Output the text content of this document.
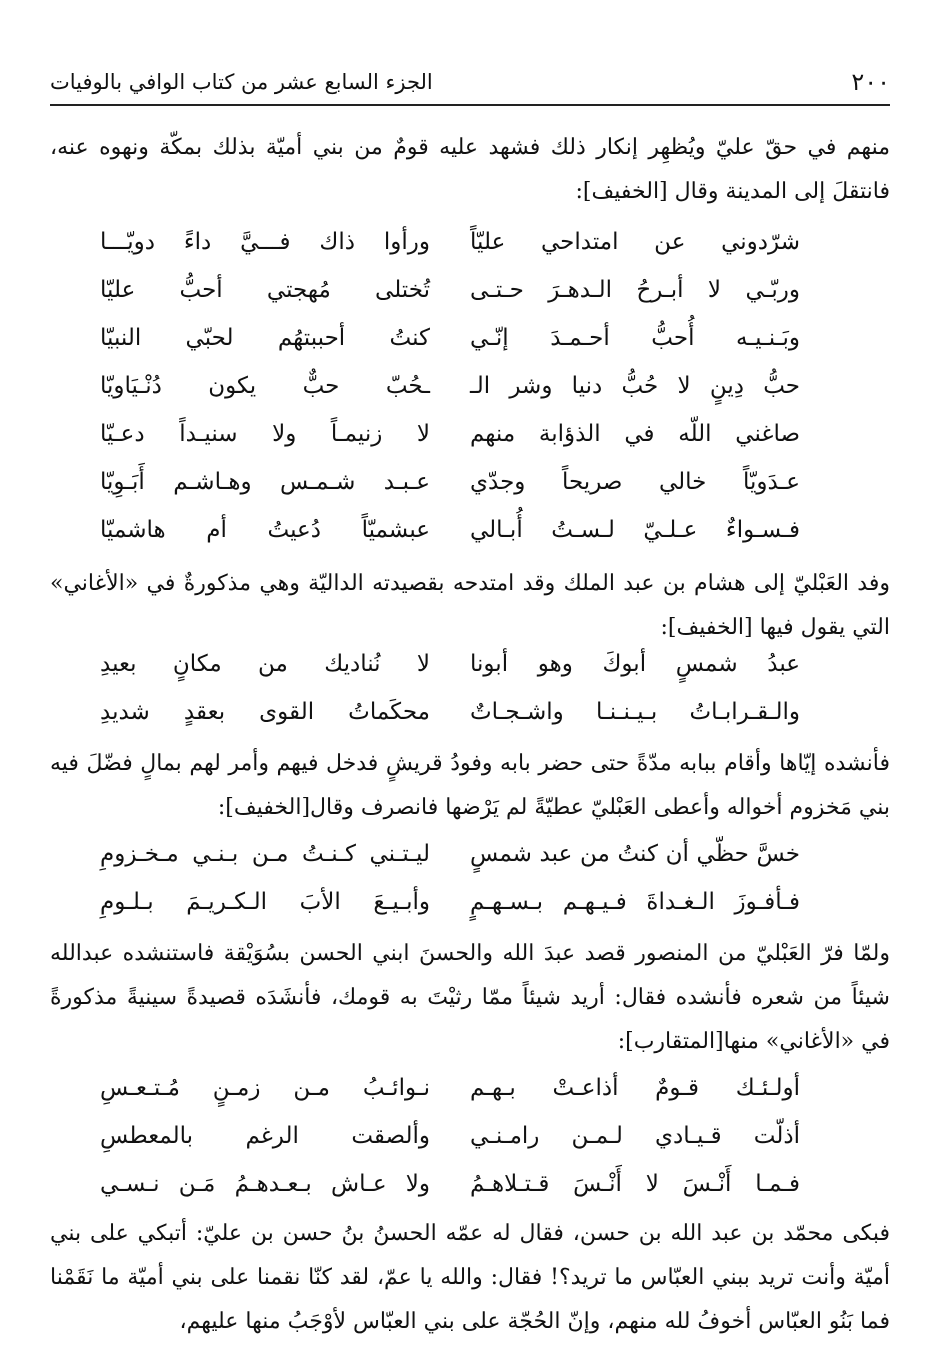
٢٠٠
الجزء السابع عشر من كتاب الوافي بالوفيات
منهم في حقّ عليّ ويُظهِر إنكار ذلك فشهد عليه قومٌ من بني أميّة بذلك بمكّة ونهوه عنه، فانتقلَ إلى المدينة وقال [الخفيف]:
شرّدوني عن امتداحي عليّاً
ورأوا ذاك فـــيَّ داءً دويّـــا
وربّـي لا أبـرحُ الـدهـرَ حـتـى
تُختلى مُهجتي أحبُّ عليّا
وبَـنـيـه أُحبُّ أحـمـدَ إنّـي
كنتُ أحببتهُم لحبّي النبيّا
حبُّ دِينٍ لا حُبُّ دنيا وشر الـ
ـحُبّ حبٌّ يكون دُنْـيَاويّا
صاغني اللّه في الذؤابة منهم
لا زنيمـاً ولا سنيـداً دعـيّا
عـدَويّاً خالي صريحاً وجدّي
عـبـد شـمـس وهـاشـم أَبَـوِيّا
فـسـواءٌ عـلـيّ لـسـتُ أُبـالي
عبشميّاً دُعيتُ أم هاشميّا
وفد العَبْليّ إلى هشام بن عبد الملك وقد امتدحه بقصيدته الداليّة وهي مذكورةٌ في «الأغاني» التي يقول فيها [الخفيف]:
عبدُ شمسٍ أبوكَ وهو أبونا
لا نُناديك من مكانٍ بعيدِ
والـقـرابـاتُ بـيـنـنـا واشـجـاتٌ
محكَماتُ القوى بعقدٍ شديدِ
فأنشده إيّاها وأقام ببابه مدّةً حتى حضر بابه وفودُ قريشٍ فدخل فيهم وأمر لهم بمالٍ فضّلَ فيه بني مَخزوم أخواله وأعطى العَبْليّ عطيّةً لم يَرْضها فانصرف وقال[الخفيف]:
خسَّ حظّي أن كنتُ من عبد شمسٍ
ليـتـني كـنـتُ مـن بـنـي مـخـزومِ
فـأفـوزَ الـغـداةَ فـيـهـم بـسـهـمٍ
وأبـيـعَ الأبَ الـكـريـمَ بـلـومِ
ولمّا فرّ العَبْليّ من المنصور قصد عبدَ الله والحسنَ ابني الحسن بسُوَيْقة فاستنشده عبدالله شيئاً من شعره فأنشده فقال: أريد شيئاً ممّا رثيْتَ به قومك، فأنشَدَه قصيدةً سينيةً مذكورةً في «الأغاني» منها[المتقارب]:
أولـئـك قـومٌ أذاعـتْ بـهـم
نـوائـبُ مـن زمـنٍ مُـتـعـسِ
أذلّت قـيـادي لـمـن رامـنـي
وألصقت الرغم بالمعطسِ
فـمـا أَنْـسَ لا أَنْـسَ قـتـلاهـمُ
ولا عـاش بـعـدهـمُ مَـن نـسـي
فبكى محمّد بن عبد الله بن حسن، فقال له عمّه الحسنُ بنُ حسن بن عليّ: أتبكي على بني أميّة وأنت تريد ببني العبّاس ما تريد؟! فقال: والله يا عمّ، لقد كنّا نقمنا على بني أميّة ما نَقَمْنا فما بَنُو العبّاس أخوفُ لله منهم، وإنّ الحُجّة على بني العبّاس لأوْجَبُ منها عليهم،
